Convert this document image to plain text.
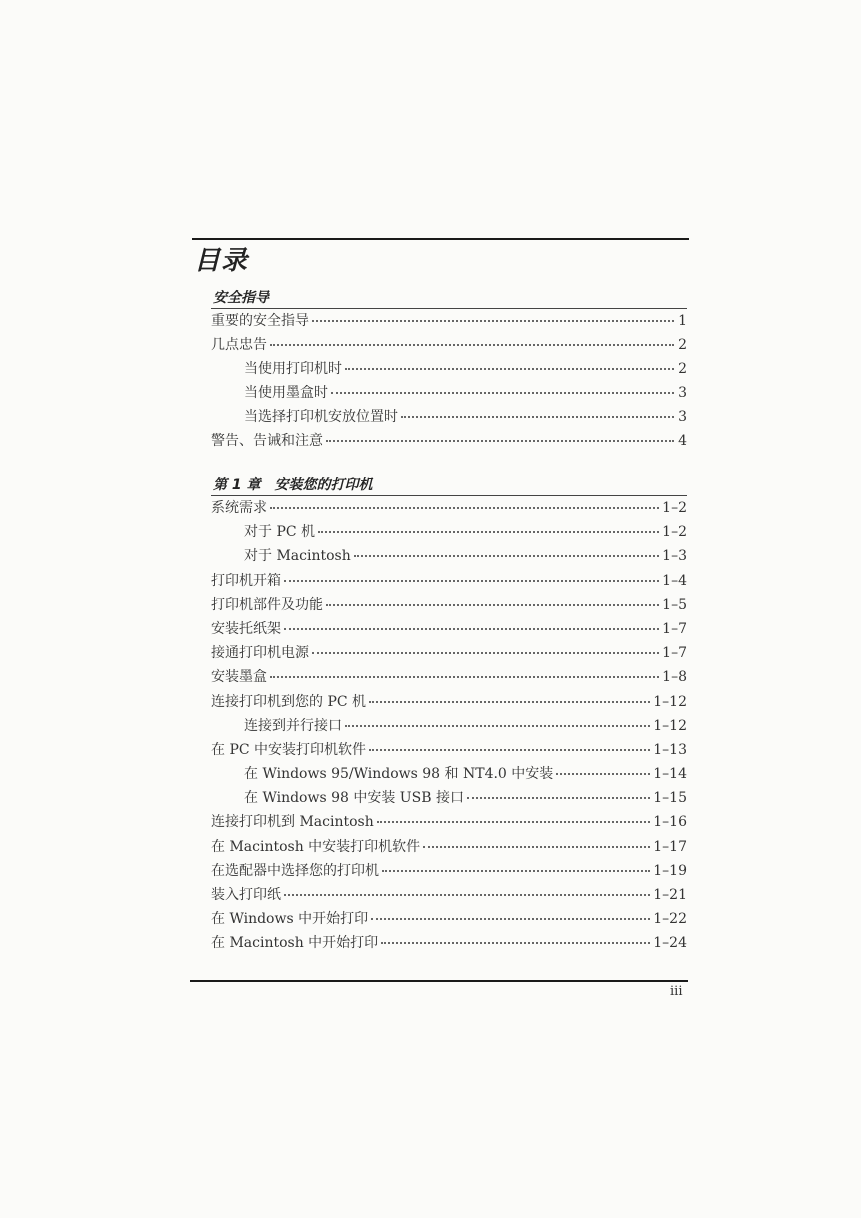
目录
安全指导
重要的安全指导	1
几点忠告	2
当使用打印机时	2
当使用墨盒时	3
当选择打印机安放位置时	3
警告、告诫和注意	4
第 1 章　安装您的打印机
系统需求	1–2
对于 PC 机	1–2
对于 Macintosh	1–3
打印机开箱	1–4
打印机部件及功能	1–5
安装托纸架	1–7
接通打印机电源	1–7
安装墨盒	1–8
连接打印机到您的 PC 机	1–12
连接到并行接口	1–12
在 PC 中安装打印机软件	1–13
在 Windows 95/Windows 98 和 NT4.0 中安装	1–14
在 Windows 98 中安装 USB 接口	1–15
连接打印机到 Macintosh	1–16
在 Macintosh 中安装打印机软件	1–17
在选配器中选择您的打印机	1–19
装入打印纸	1–21
在 Windows 中开始打印	1–22
在 Macintosh 中开始打印	1–24

iii
